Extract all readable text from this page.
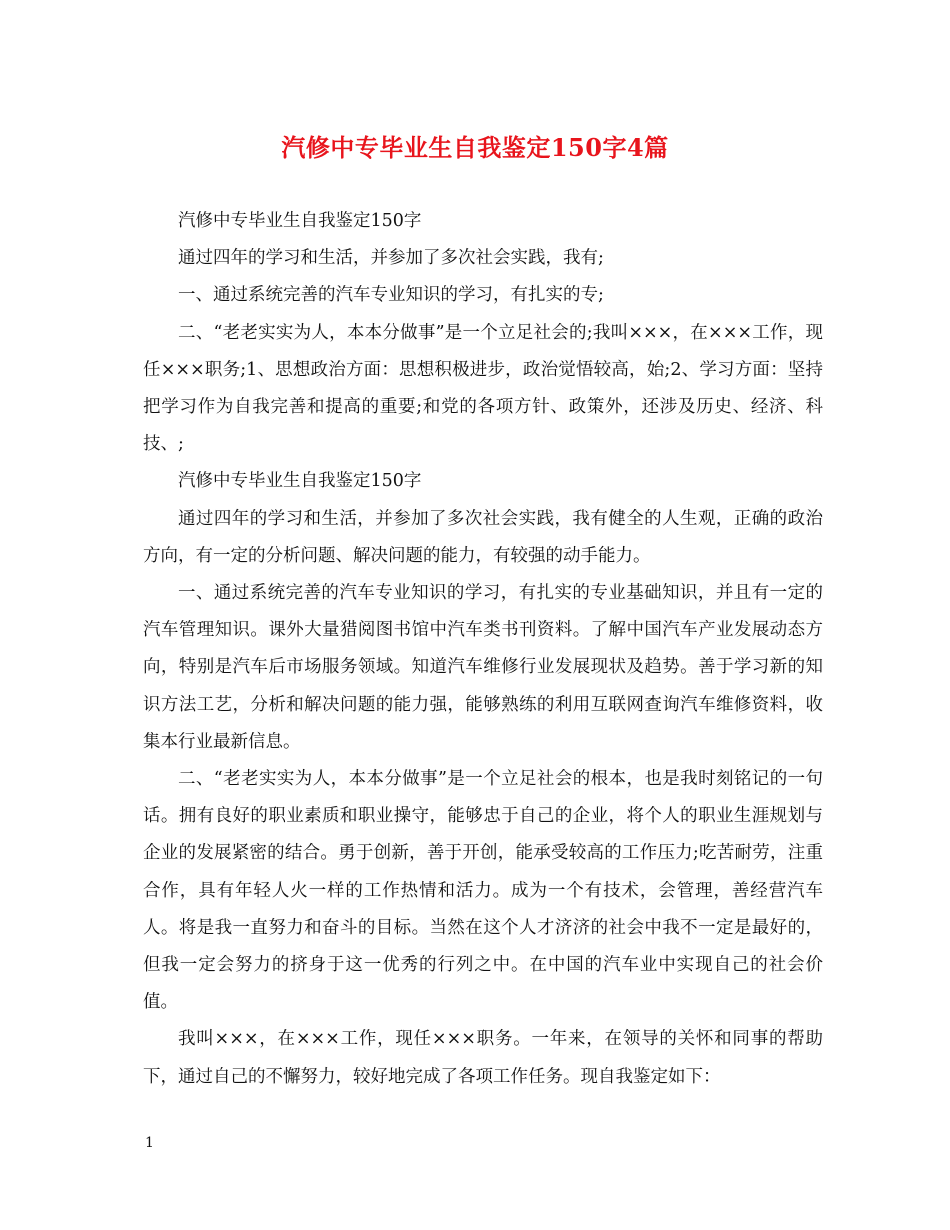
汽修中专毕业生自我鉴定150字4篇

汽修中专毕业生自我鉴定150字

通过四年的学习和生活，并参加了多次社会实践，我有;

一、通过系统完善的汽车专业知识的学习，有扎实的专;

二、“老老实实为人，本本分做事”是一个立足社会的;我叫×××，在×××工作，现任×××职务;1、思想政治方面：思想积极进步，政治觉悟较高，始;2、学习方面：坚持把学习作为自我完善和提高的重要;和党的各项方针、政策外，还涉及历史、经济、科技、;

汽修中专毕业生自我鉴定150字

通过四年的学习和生活，并参加了多次社会实践，我有健全的人生观，正确的政治方向，有一定的分析问题、解决问题的能力，有较强的动手能力。

一、通过系统完善的汽车专业知识的学习，有扎实的专业基础知识，并且有一定的汽车管理知识。课外大量猎阅图书馆中汽车类书刊资料。了解中国汽车产业发展动态方向，特别是汽车后市场服务领域。知道汽车维修行业发展现状及趋势。善于学习新的知识方法工艺，分析和解决问题的能力强，能够熟练的利用互联网查询汽车维修资料，收集本行业最新信息。

二、“老老实实为人，本本分做事”是一个立足社会的根本，也是我时刻铭记的一句话。拥有良好的职业素质和职业操守，能够忠于自己的企业，将个人的职业生涯规划与企业的发展紧密的结合。勇于创新，善于开创，能承受较高的工作压力;吃苦耐劳，注重合作，具有年轻人火一样的工作热情和活力。成为一个有技术，会管理，善经营汽车人。将是我一直努力和奋斗的目标。当然在这个人才济济的社会中我不一定是最好的，但我一定会努力的挤身于这一优秀的行列之中。在中国的汽车业中实现自己的社会价值。

我叫×××，在×××工作，现任×××职务。一年来，在领导的关怀和同事的帮助下，通过自己的不懈努力，较好地完成了各项工作任务。现自我鉴定如下：

1
